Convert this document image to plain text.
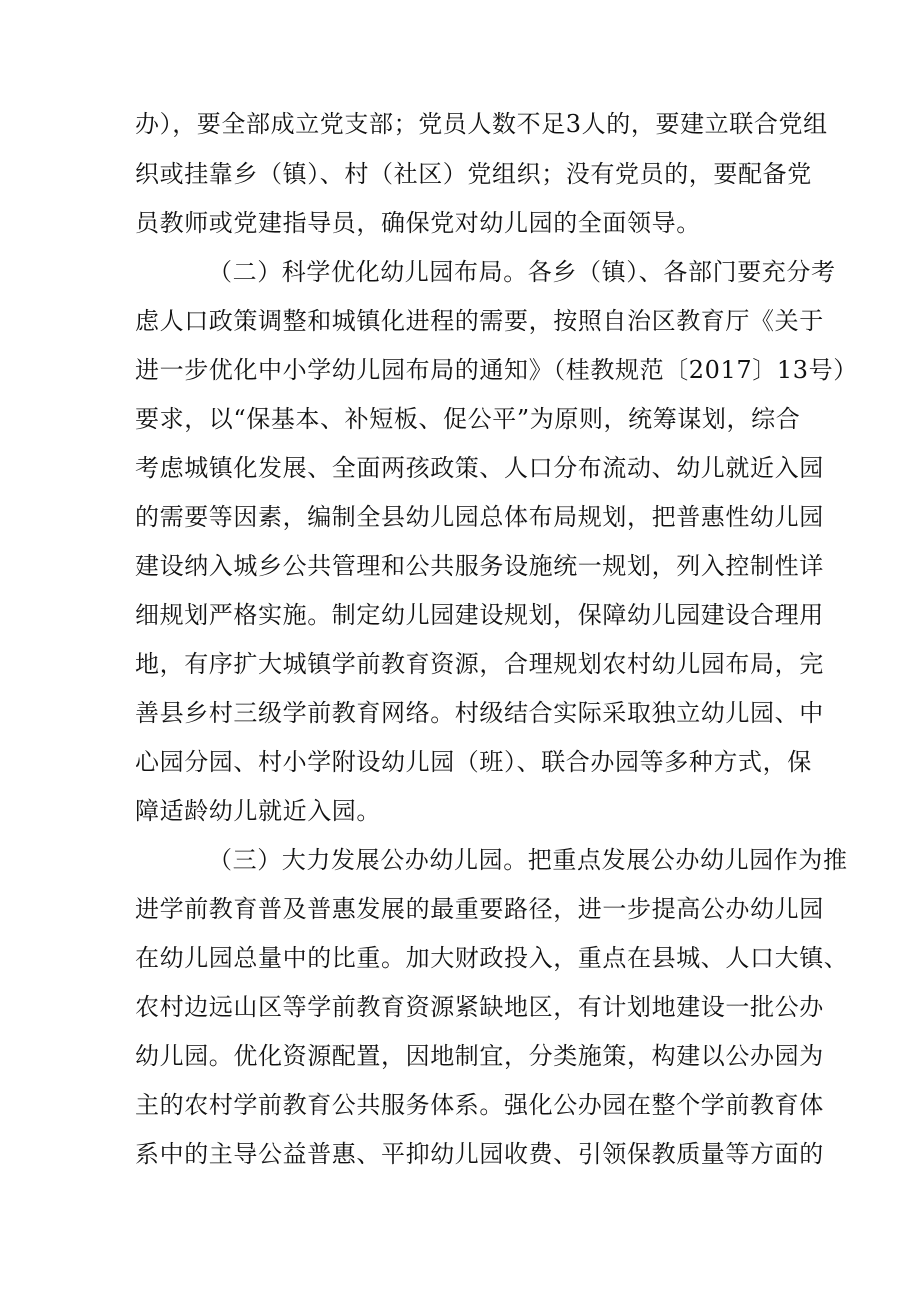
办），要全部成立党支部；党员人数不足3人的，要建立联合党组
织或挂靠乡（镇）、村（社区）党组织；没有党员的，要配备党
员教师或党建指导员，确保党对幼儿园的全面领导。
（二）科学优化幼儿园布局。各乡（镇）、各部门要充分考
虑人口政策调整和城镇化进程的需要，按照自治区教育厅《关于
进一步优化中小学幼儿园布局的通知》（桂教规范〔2017〕13号）
要求，以“保基本、补短板、促公平”为原则，统筹谋划，综合
考虑城镇化发展、全面两孩政策、人口分布流动、幼儿就近入园
的需要等因素，编制全县幼儿园总体布局规划，把普惠性幼儿园
建设纳入城乡公共管理和公共服务设施统一规划，列入控制性详
细规划严格实施。制定幼儿园建设规划，保障幼儿园建设合理用
地，有序扩大城镇学前教育资源，合理规划农村幼儿园布局，完
善县乡村三级学前教育网络。村级结合实际采取独立幼儿园、中
心园分园、村小学附设幼儿园（班）、联合办园等多种方式，保
障适龄幼儿就近入园。
（三）大力发展公办幼儿园。把重点发展公办幼儿园作为推
进学前教育普及普惠发展的最重要路径，进一步提高公办幼儿园
在幼儿园总量中的比重。加大财政投入，重点在县城、人口大镇、
农村边远山区等学前教育资源紧缺地区，有计划地建设一批公办
幼儿园。优化资源配置，因地制宜，分类施策，构建以公办园为
主的农村学前教育公共服务体系。强化公办园在整个学前教育体
系中的主导公益普惠、平抑幼儿园收费、引领保教质量等方面的
